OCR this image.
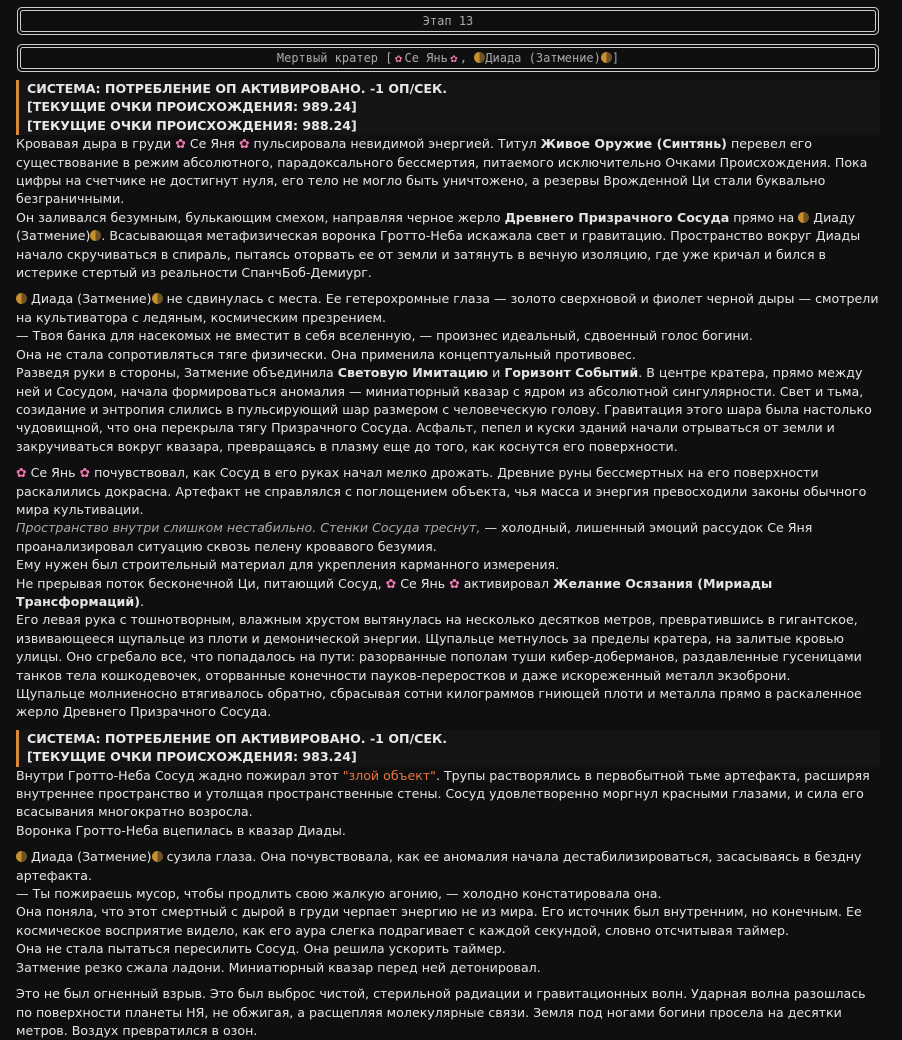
Этап 13
Мертвый кратер [ ✿ Се Янь ✿ , Диада (Затмение) ]
СИСТЕМА: ПОТРЕБЛЕНИЕ ОП АКТИВИРОВАНО. -1 ОП/СЕК.
[ТЕКУЩИЕ ОЧКИ ПРОИСХОЖДЕНИЯ: 989.24]
[ТЕКУЩИЕ ОЧКИ ПРОИСХОЖДЕНИЯ: 988.24]

Кровавая дыра в груди ✿ Се Яня ✿ пульсировала невидимой энергией. Титул Живое Оружие (Синтянь) перевел его существование в режим абсолютного, парадоксального бессмертия, питаемого исключительно Очками Происхождения. Пока цифры на счетчике не достигнут нуля, его тело не могло быть уничтожено, а резервы Врожденной Ци стали буквально безграничными.

Он заливался безумным, булькающим смехом, направляя черное жерло Древнего Призрачного Сосуда прямо на  Диаду (Затмение) . Всасывающая метафизическая воронка Гротто-Неба искажала свет и гравитацию. Пространство вокруг Диады начало скручиваться в спираль, пытаясь оторвать ее от земли и затянуть в вечную изоляцию, где уже кричал и бился в истерике стертый из реальности СпанчБоб-Демиург.

Диада (Затмение) не сдвинулась с места. Ее гетерохромные глаза — золото сверхновой и фиолет черной дыры — смотрели на культиватора с ледяным, космическим презрением.

— Твоя банка для насекомых не вместит в себя вселенную, — произнес идеальный, сдвоенный голос богини.

Она не стала сопротивляться тяге физически. Она применила концептуальный противовес.

Разведя руки в стороны, Затмение объединила Световую Имитацию и Горизонт Событий. В центре кратера, прямо между ней и Сосудом, начала формироваться аномалия — миниатюрный квазар с ядром из абсолютной сингулярности. Свет и тьма, созидание и энтропия слились в пульсирующий шар размером с человеческую голову. Гравитация этого шара была настолько чудовищной, что она перекрыла тягу Призрачного Сосуда. Асфальт, пепел и куски зданий начали отрываться от земли и закручиваться вокруг квазара, превращаясь в плазму еще до того, как коснутся его поверхности.

✿ Се Янь ✿ почувствовал, как Сосуд в его руках начал мелко дрожать. Древние руны бессмертных на его поверхности раскалились докрасна. Артефакт не справлялся с поглощением объекта, чья масса и энергия превосходили законы обычного мира культивации.

Пространство внутри слишком нестабильно. Стенки Сосуда треснут, — холодный, лишенный эмоций рассудок Се Яня проанализировал ситуацию сквозь пелену кровавого безумия.

Ему нужен был строительный материал для укрепления карманного измерения.

Не прерывая поток бесконечной Ци, питающий Сосуд, ✿ Се Янь ✿ активировал Желание Осязания (Мириады Трансформаций).

Его левая рука с тошнотворным, влажным хрустом вытянулась на несколько десятков метров, превратившись в гигантское, извивающееся щупальце из плоти и демонической энергии. Щупальце метнулось за пределы кратера, на залитые кровью улицы. Оно сгребало все, что попадалось на пути: разорванные пополам туши кибер-доберманов, раздавленные гусеницами танков тела кошкодевочек, оторванные конечности пауков-переростков и даже искореженный металл экзоброни.

Щупальце молниеносно втягивалось обратно, сбрасывая сотни килограммов гниющей плоти и металла прямо в раскаленное жерло Древнего Призрачного Сосуда.

СИСТЕМА: ПОТРЕБЛЕНИЕ ОП АКТИВИРОВАНО. -1 ОП/СЕК.
[ТЕКУЩИЕ ОЧКИ ПРОИСХОЖДЕНИЯ: 983.24]

Внутри Гротто-Неба Сосуд жадно пожирал этот "злой объект". Трупы растворялись в первобытной тьме артефакта, расширяя внутреннее пространство и утолщая пространственные стены. Сосуд удовлетворенно моргнул красными глазами, и сила его всасывания многократно возросла.

Воронка Гротто-Неба вцепилась в квазар Диады.

Диада (Затмение) сузила глаза. Она почувствовала, как ее аномалия начала дестабилизироваться, засасываясь в бездну артефакта.

— Ты пожираешь мусор, чтобы продлить свою жалкую агонию, — холодно констатировала она.

Она поняла, что этот смертный с дырой в груди черпает энергию не из мира. Его источник был внутренним, но конечным. Ее космическое восприятие видело, как его аура слегка подрагивает с каждой секундой, словно отсчитывая таймер.

Она не стала пытаться пересилить Сосуд. Она решила ускорить таймер.

Затмение резко сжала ладони. Миниатюрный квазар перед ней детонировал.

Это не был огненный взрыв. Это был выброс чистой, стерильной радиации и гравитационных волн. Ударная волна разошлась по поверхности планеты НЯ, не обжигая, а расщепляя молекулярные связи. Земля под ногами богини просела на десятки метров. Воздух превратился в озон.
